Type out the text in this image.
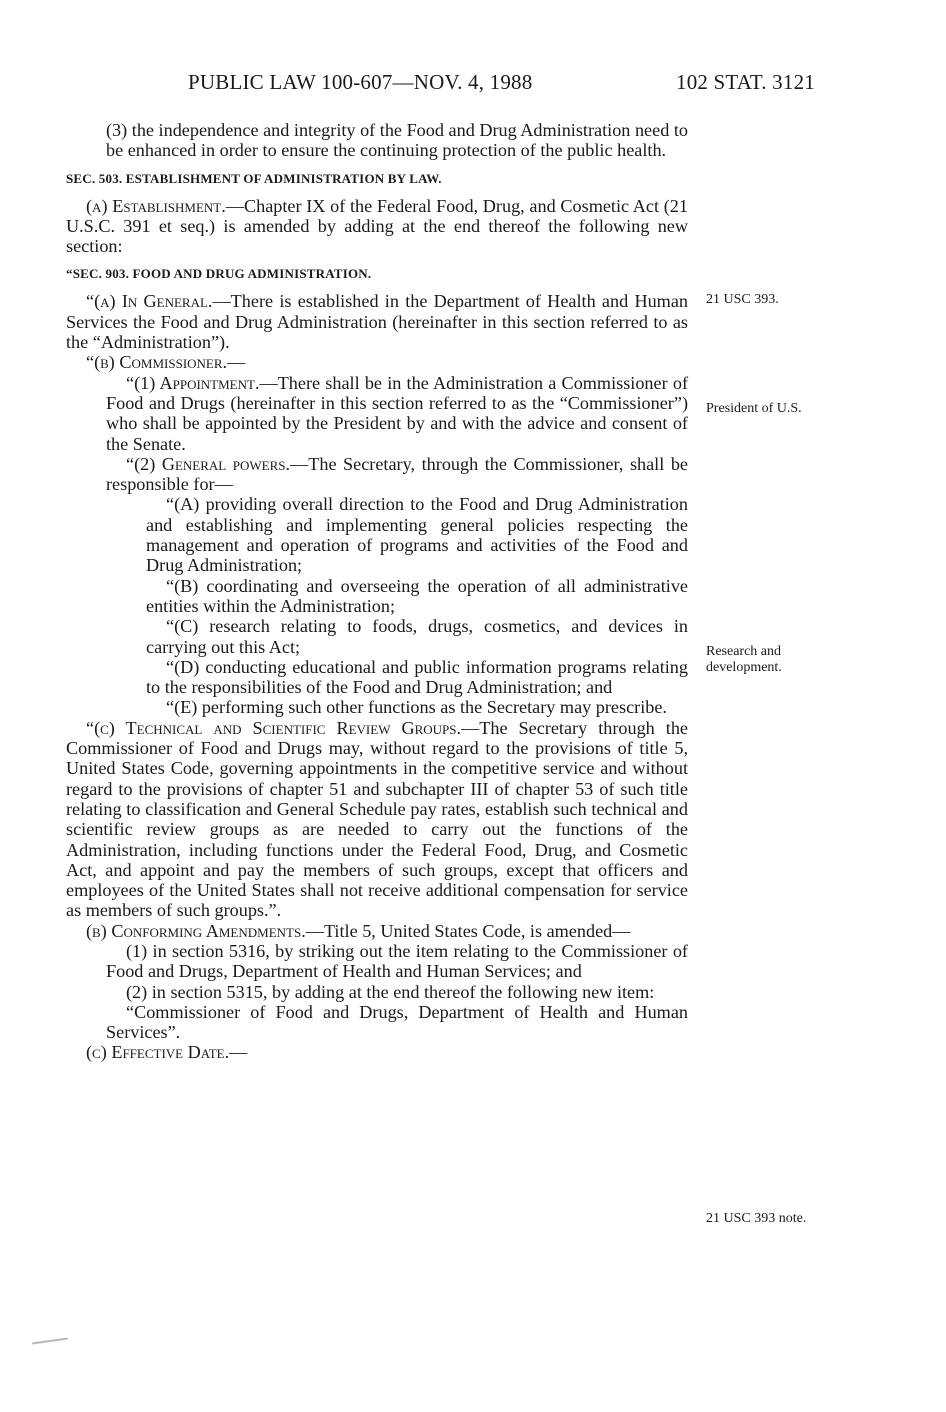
PUBLIC LAW 100-607—NOV. 4, 1988	102 STAT. 3121

(3) the independence and integrity of the Food and Drug Administration need to be enhanced in order to ensure the continuing protection of the public health.

SEC. 503. ESTABLISHMENT OF ADMINISTRATION BY LAW.

(a) Establishment.—Chapter IX of the Federal Food, Drug, and Cosmetic Act (21 U.S.C. 391 et seq.) is amended by adding at the end thereof the following new section:

“SEC. 903. FOOD AND DRUG ADMINISTRATION.

“(a) In General.—There is established in the Department of Health and Human Services the Food and Drug Administration (hereinafter in this section referred to as the “Administration”).

“(b) Commissioner.—

“(1) Appointment.—There shall be in the Administration a Commissioner of Food and Drugs (hereinafter in this section referred to as the “Commissioner”) who shall be appointed by the President by and with the advice and consent of the Senate.

“(2) General powers.—The Secretary, through the Commissioner, shall be responsible for—

“(A) providing overall direction to the Food and Drug Administration and establishing and implementing general policies respecting the management and operation of programs and activities of the Food and Drug Administration;

“(B) coordinating and overseeing the operation of all administrative entities within the Administration;

“(C) research relating to foods, drugs, cosmetics, and devices in carrying out this Act;

“(D) conducting educational and public information programs relating to the responsibilities of the Food and Drug Administration; and

“(E) performing such other functions as the Secretary may prescribe.

“(c) Technical and Scientific Review Groups.—The Secretary through the Commissioner of Food and Drugs may, without regard to the provisions of title 5, United States Code, governing appointments in the competitive service and without regard to the provisions of chapter 51 and subchapter III of chapter 53 of such title relating to classification and General Schedule pay rates, establish such technical and scientific review groups as are needed to carry out the functions of the Administration, including functions under the Federal Food, Drug, and Cosmetic Act, and appoint and pay the members of such groups, except that officers and employees of the United States shall not receive additional compensation for service as members of such groups.”.

(b) Conforming Amendments.—Title 5, United States Code, is amended—

(1) in section 5316, by striking out the item relating to the Commissioner of Food and Drugs, Department of Health and Human Services; and

(2) in section 5315, by adding at the end thereof the following new item:

“Commissioner of Food and Drugs, Department of Health and Human Services”.

(c) Effective Date.—

21 USC 393.
President of U.S.
Research and development.
21 USC 393 note.
